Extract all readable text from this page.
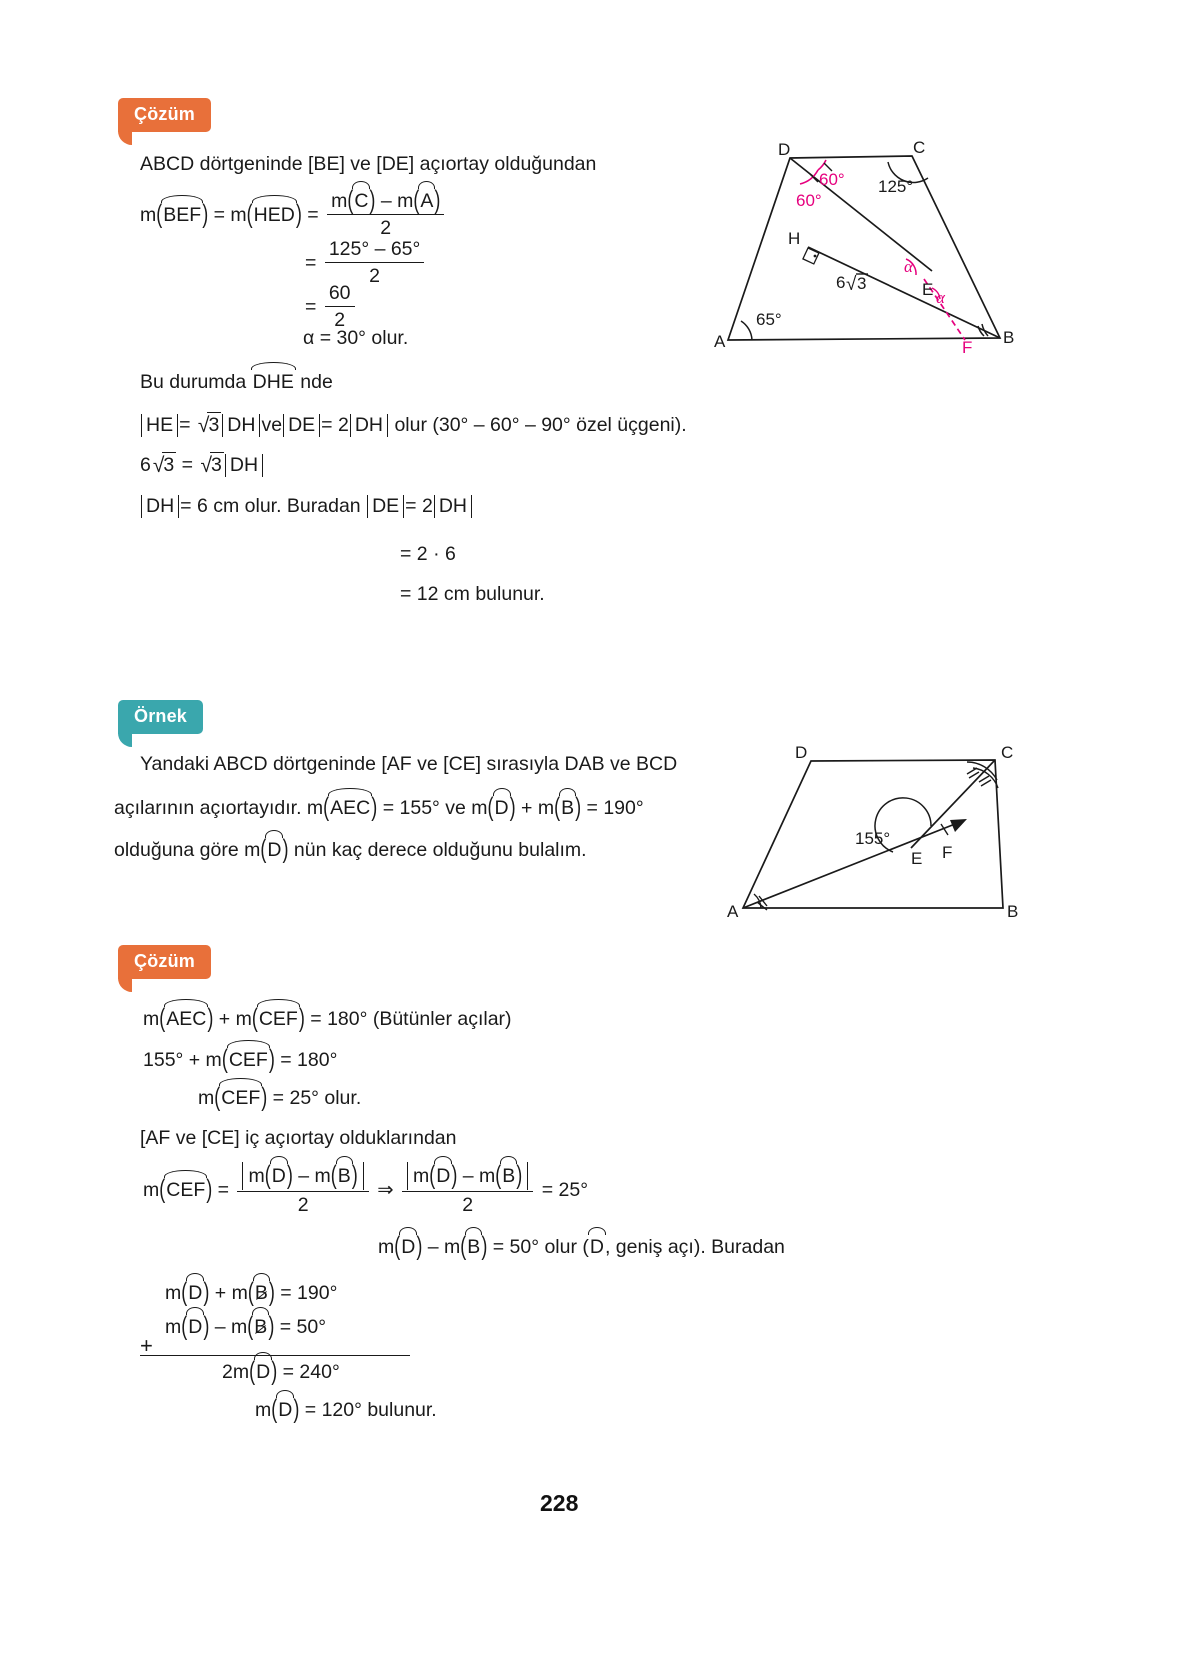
Çözüm
ABCD dörtgeninde [BE] ve [DE] açıortay olduğundan
$m(BEF) = m(HED) = \frac{m(C) - m(A)}{2}$
= $\frac{125^\circ - 65^\circ}{2}$
= $\frac{60}{2}$
α = 30° olur.
Bu durumda DHE nde
HE = √3 DH ve DE = 2 DH olur (30° – 60° – 90° özel üçgeni).
6√3 = √3 DH
DH = 6 cm olur. Buradan DE = 2 DH
= 2 · 6
= 12 cm bulunur.
A	B
C
D
E
F
H
65°
125°
60°
60°
α
α
6 √ 3
Örnek
Yandaki ABCD dörtgeninde [AF ve [CE] sırasıyla DAB ve BCD
açılarının açıortayıdır. m(AEC) = 155° ve m(D) + m(B) = 190°
olduğuna göre m(D) nün kaç derece olduğunu bulalım.
A	B
C
D
E F
155°
Çözüm
m(AEC) + m(CEF) = 180° (Bütünler açılar)
155° + m(CEF) = 180°
m(CEF) = 25° olur.
[AF ve [CE] iç açıortay olduklarından
$m(CEF) = \frac{m(D) - m(B)}{2}$ ⇒ $\frac{m(D) - m(B)}{2} = 25^\circ$
m(D) – m(B) = 50° olur (D, geniş açı). Buradan
m(D) + m(B) = 190°
m(D) – m(B) = 50°
+
2m(D) = 240°
m(D) = 120° bulunur.
228
